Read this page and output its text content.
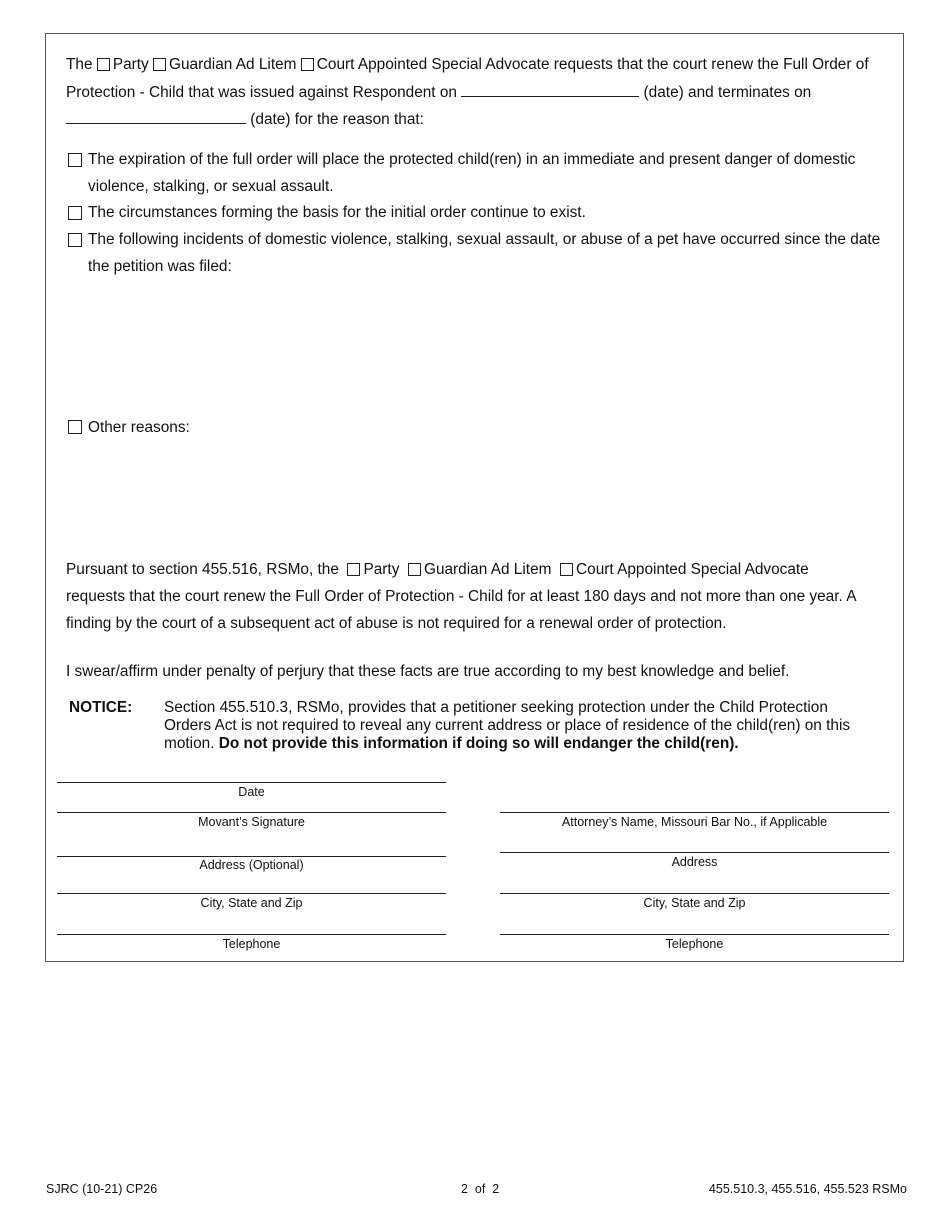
The Party Guardian Ad Litem Court Appointed Special Advocate requests that the court renew the Full Order of
Protection - Child that was issued against Respondent on	(date) and terminates on
(date) for the reason that:
The expiration of the full order will place the protected child(ren) in an immediate and present danger of domestic
violence, stalking, or sexual assault.
The circumstances forming the basis for the initial order continue to exist.
The following incidents of domestic violence, stalking, sexual assault, or abuse of a pet have occurred since the date
the petition was filed:
Other reasons:
Pursuant to section 455.516, RSMo, the Party Guardian Ad Litem Court Appointed Special Advocate
requests that the court renew the Full Order of Protection - Child for at least 180 days and not more than one year. A
finding by the court of a subsequent act of abuse is not required for a renewal order of protection.
I swear/affirm under penalty of perjury that these facts are true according to my best knowledge and belief.
NOTICE: Section 455.510.3, RSMo, provides that a petitioner seeking protection under the Child Protection Orders Act is not required to reveal any current address or place of residence of the child(ren) on this motion. Do not provide this information if doing so will endanger the child(ren).
Date
Movant’s Signature
Address (Optional)
City, State and Zip
Telephone
Attorney’s Name, Missouri Bar No., if Applicable
Address
City, State and Zip
Telephone
SJRC (10-21) CP26	2  of  2	455.510.3, 455.516, 455.523 RSMo
